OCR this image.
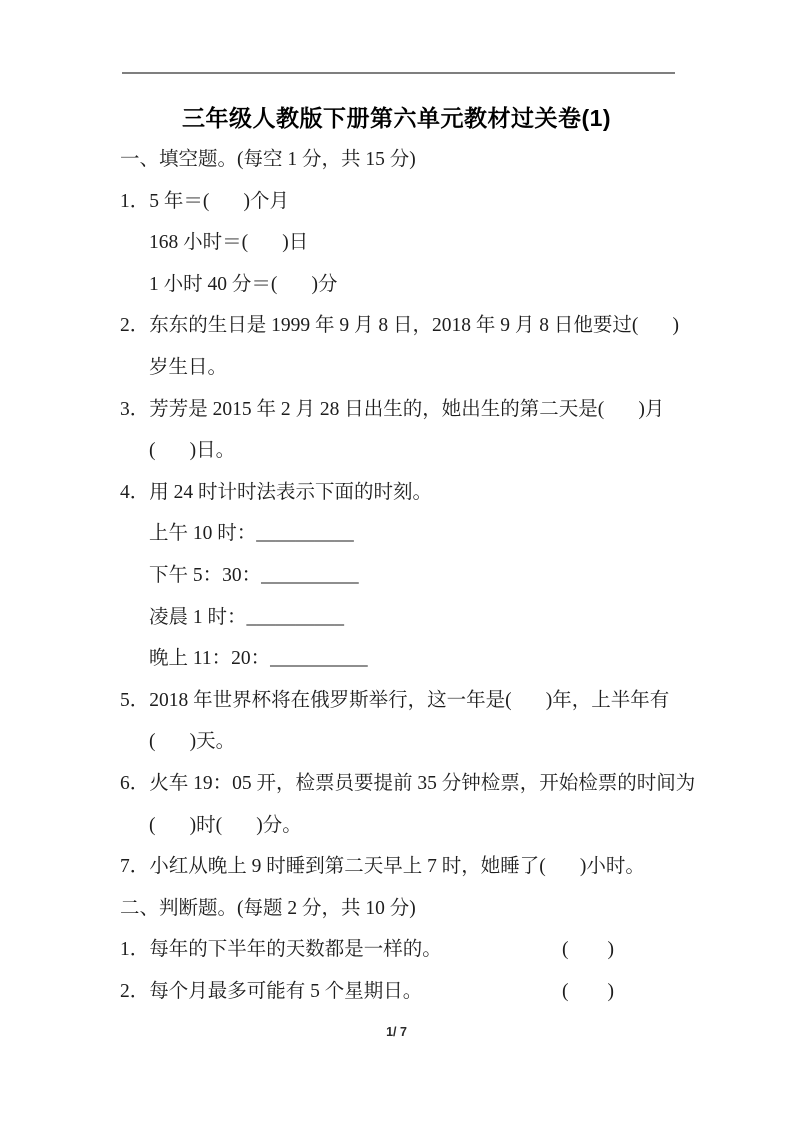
三年级人教版下册第六单元教材过关卷(1)
一、填空题。(每空 1 分，共 15 分)
1．5 年＝(       )个月
168 小时＝(       )日
1 小时 40 分＝(       )分
2．东东的生日是 1999 年 9 月 8 日，2018 年 9 月 8 日他要过(       )
岁生日。
3．芳芳是 2015 年 2 月 28 日出生的，她出生的第二天是(       )月
(       )日。
4．用 24 时计时法表示下面的时刻。
上午 10 时：__________
下午 5：30：__________
凌晨 1 时：__________
晚上 11：20：__________
5．2018 年世界杯将在俄罗斯举行，这一年是(       )年，上半年有
(       )天。
6．火车 19：05 开，检票员要提前 35 分钟检票，开始检票的时间为
(       )时(       )分。
7．小红从晚上 9 时睡到第二天早上 7 时，她睡了(       )小时。
二、判断题。(每题 2 分，共 10 分)
1．每年的下半年的天数都是一样的。	(        )
2．每个月最多可能有 5 个星期日。	(        )
1/ 7
